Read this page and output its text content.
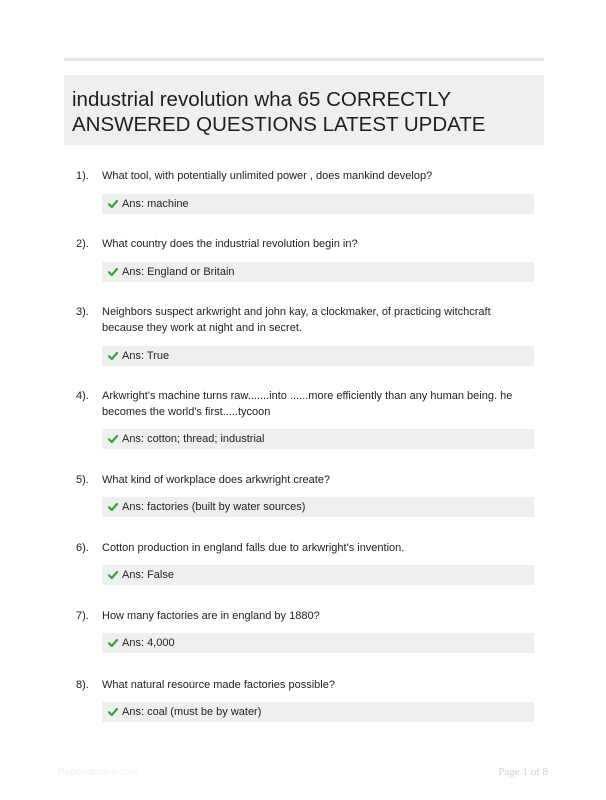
industrial revolution wha 65 CORRECTLY ANSWERED QUESTIONS LATEST UPDATE
1). What tool, with potentially unlimited power , does mankind develop?
Ans: machine
2). What country does the industrial revolution begin in?
Ans: England or Britain
3). Neighbors suspect arkwright and john kay, a clockmaker, of practicing witchcraft because they work at night and in secret.
Ans: True
4). Arkwright's machine turns raw.......into ......more efficiently than any human being. he becomes the world's first.....tycoon
Ans: cotton; thread; industrial
5). What kind of workplace does arkwright create?
Ans: factories (built by water sources)
6). Cotton production in england falls due to arkwright's invention.
Ans: False
7). How many factories are in england by 1880?
Ans: 4,000
8). What natural resource made factories possible?
Ans: coal (must be by water)
Paperstudies.com	Page 1 of 8
